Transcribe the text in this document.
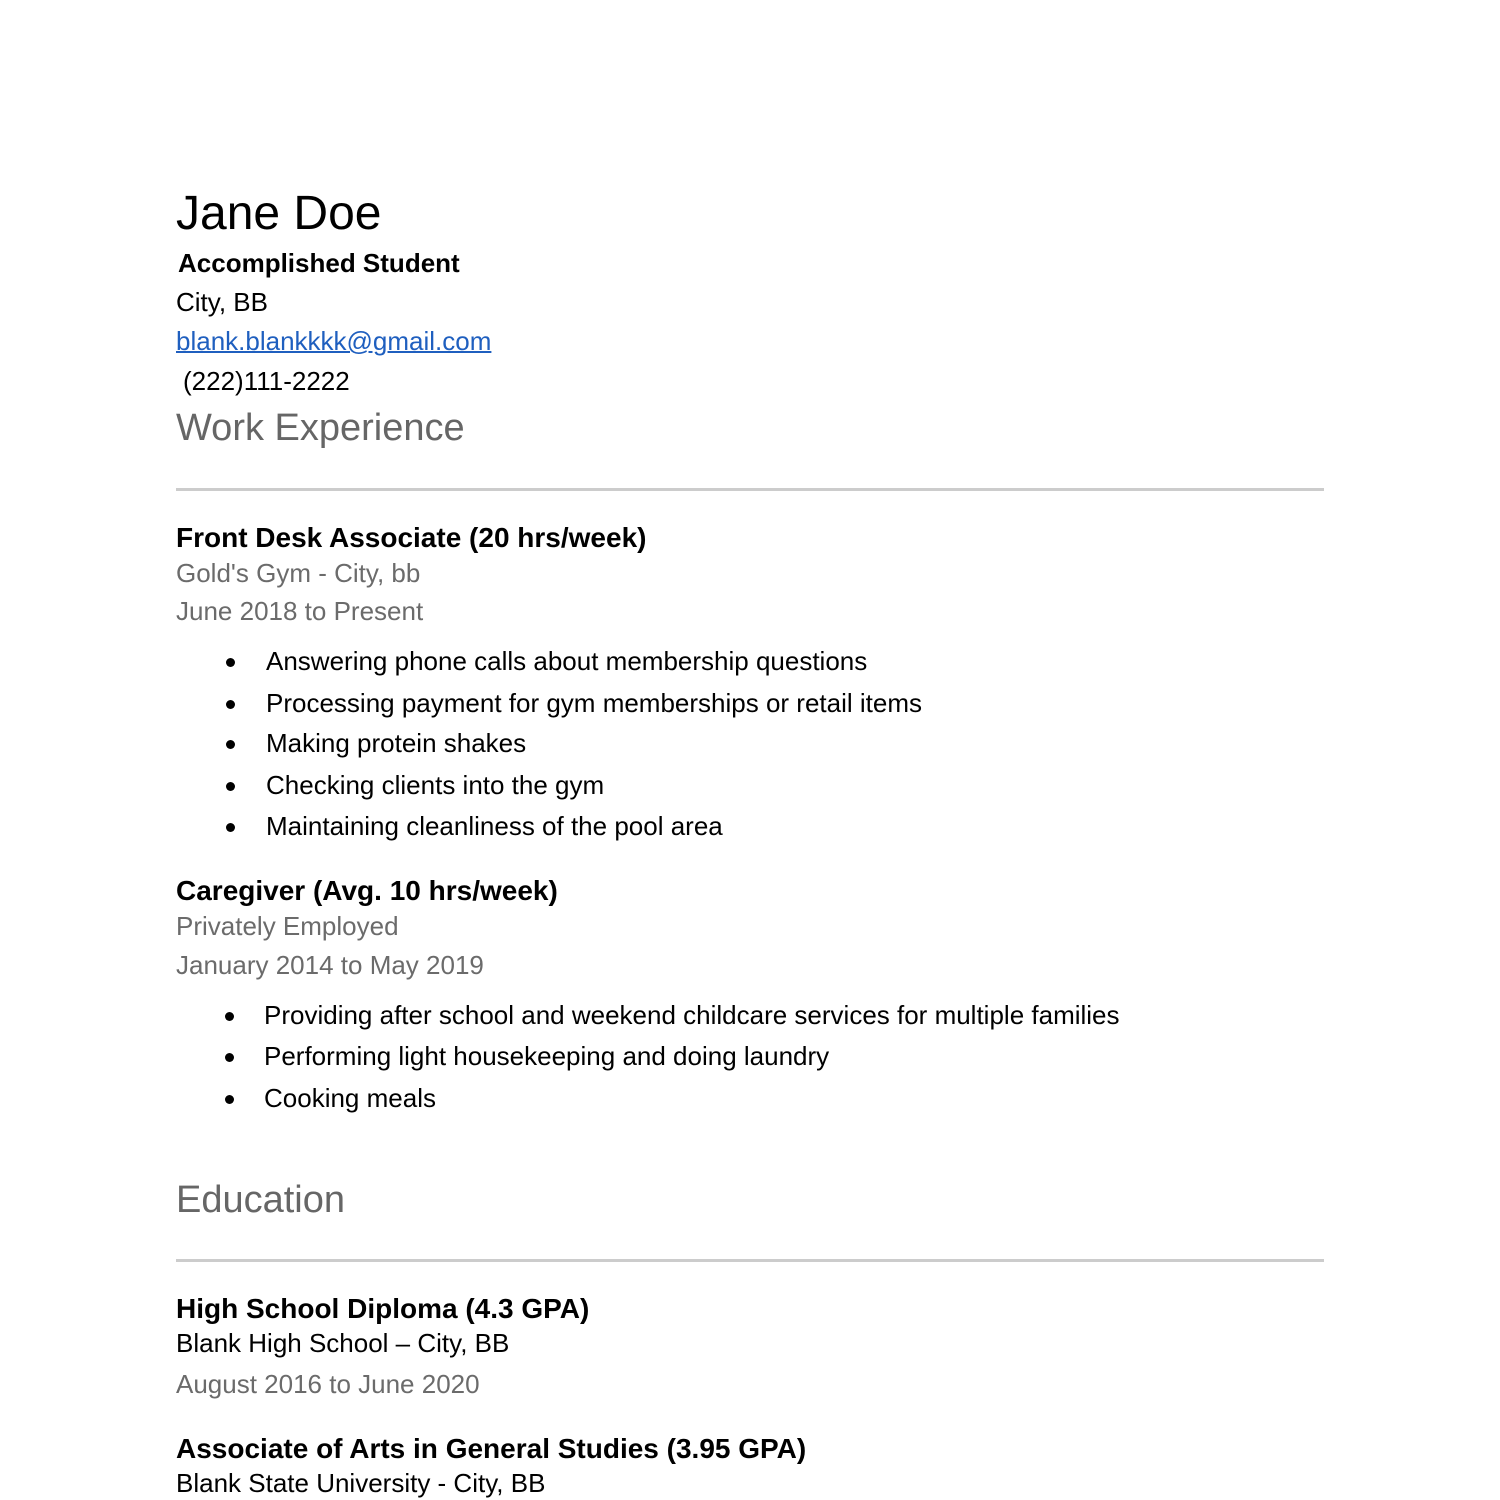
Jane Doe
Accomplished Student
City, BB
blank.blankkkk@gmail.com
(222)111-2222
Work Experience
Front Desk Associate (20 hrs/week)
Gold's Gym - City, bb
June 2018 to Present
Answering phone calls about membership questions
Processing payment for gym memberships or retail items
Making protein shakes
Checking clients into the gym
Maintaining cleanliness of the pool area
Caregiver (Avg. 10 hrs/week)
Privately Employed
January 2014 to May 2019
Providing after school and weekend childcare services for multiple families
Performing light housekeeping and doing laundry
Cooking meals
Education
High School Diploma (4.3 GPA)
Blank High School – City, BB
August 2016 to June 2020
Associate of Arts in General Studies (3.95 GPA)
Blank State University - City, BB
